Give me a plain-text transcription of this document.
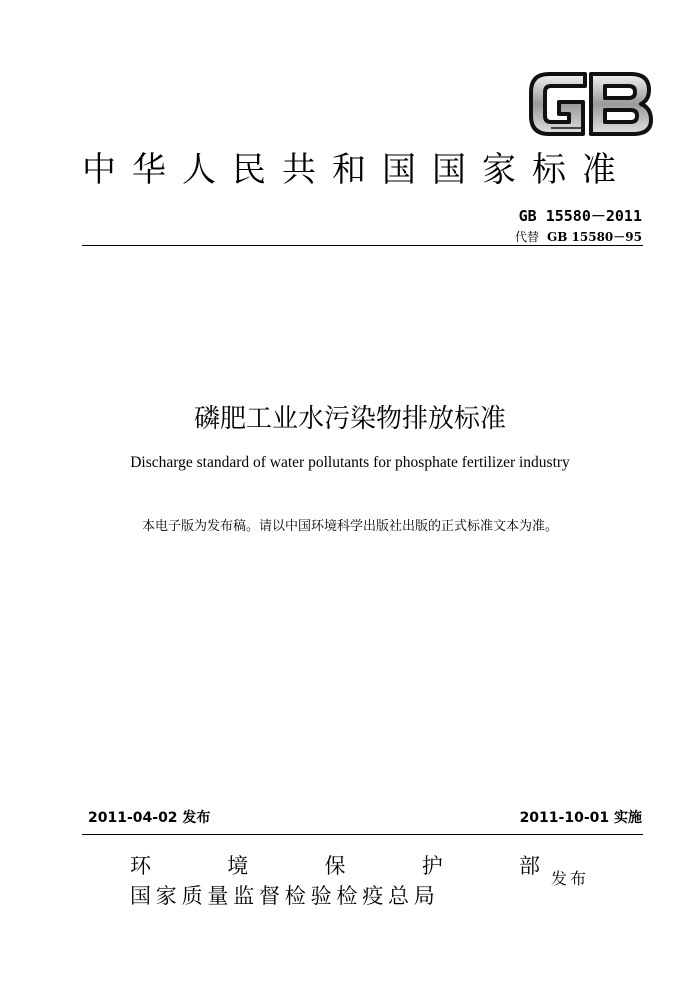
中华人民共和国国家标准
GB 15580－2011
代替 GB 15580－95
磷肥工业水污染物排放标准
Discharge standard of water pollutants for phosphate fertilizer industry
本电子版为发布稿。请以中国环境科学出版社出版的正式标准文本为准。
2011-04-02 发布	2011-10-01 实施
环	境	保	护	部
国家质量监督检验检疫总局
发布
